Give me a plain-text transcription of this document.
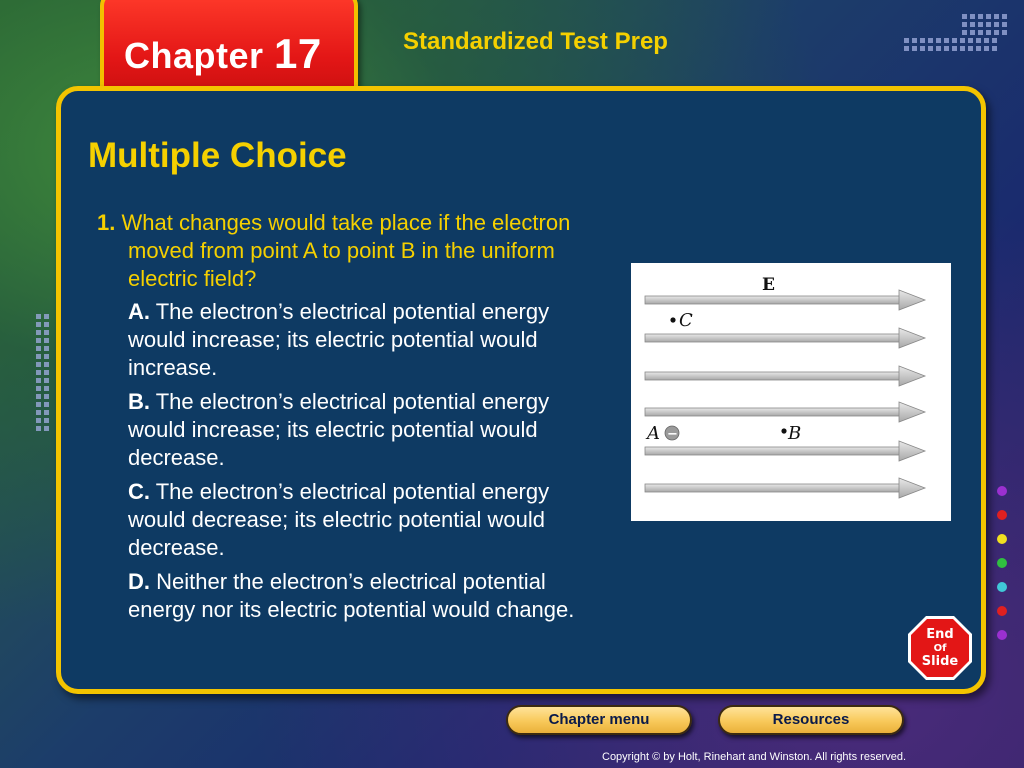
Chapter 17	Standardized Test Prep
Multiple Choice
1. What changes would take place if the electron moved from point A to point B in the uniform electric field?
A. The electron’s electrical potential energy would increase; its electric potential would increase.
B. The electron’s electrical potential energy would increase; its electric potential would decrease.
C. The electron’s electrical potential energy would decrease; its electric potential would decrease.
D. Neither the electron’s electrical potential energy nor its electric potential would change.
E
C
A −	B
End
Of
Slide
Chapter menu	Resources
Copyright © by Holt, Rinehart and Winston. All rights reserved.
